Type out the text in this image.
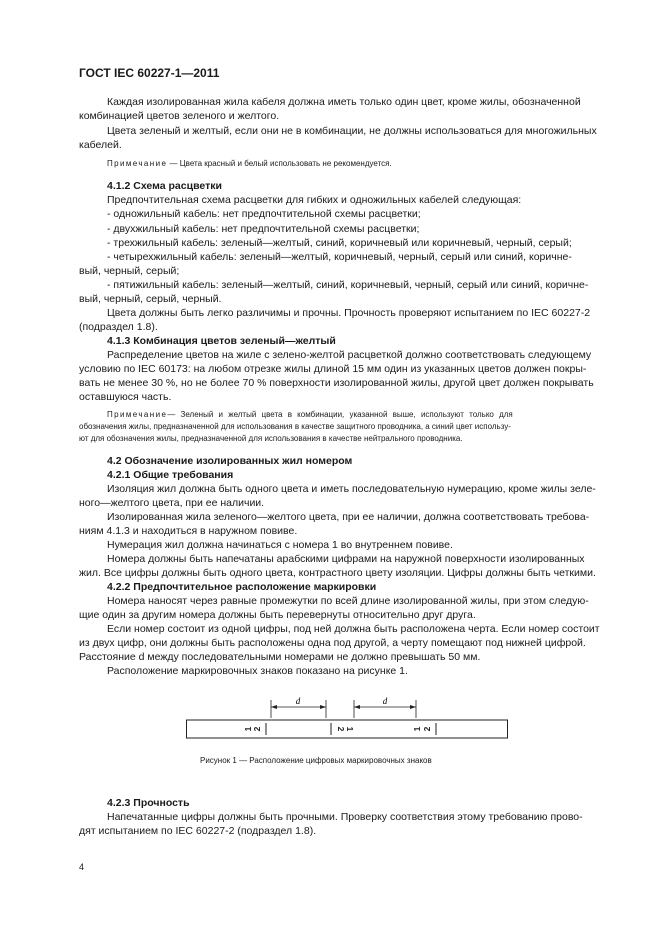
ГОСТ IEC 60227-1—2011
Каждая изолированная жила кабеля должна иметь только один цвет, кроме жилы, обозначенной
комбинацией цветов зеленого и желтого.
Цвета зеленый и желтый, если они не в комбинации, не должны использоваться для многожильных
кабелей.
Примечание — Цвета красный и белый использовать не рекомендуется.
4.1.2 Схема расцветки
Предпочтительная схема расцветки для гибких и одножильных кабелей следующая:
- одножильный кабель: нет предпочтительной схемы расцветки;
- двухжильный кабель: нет предпочтительной схемы расцветки;
- трехжильный кабель: зеленый—желтый, синий, коричневый или коричневый, черный, серый;
- четырехжильный кабель: зеленый—желтый, коричневый, черный, серый или синий, коричне-
вый, черный, серый;
- пятижильный кабель: зеленый—желтый, синий, коричневый, черный, серый или синий, коричне-
вый, черный, серый, черный.
Цвета должны быть легко различимы и прочны. Прочность проверяют испытанием по IEC 60227-2
(подраздел 1.8).
4.1.3 Комбинация цветов зеленый—желтый
Распределение цветов на жиле с зелено-желтой расцветкой должно соответствовать следующему
условию по IEC 60173: на любом отрезке жилы длиной 15 мм один из указанных цветов должен покры-
вать не менее 30 %, но не более 70 % поверхности изолированной жилы, другой цвет должен покрывать
оставшуюся часть.
Примечание— Зеленый и желтый цвета в комбинации, указанной выше, используют только для
обозначения жилы, предназначенной для использования в качестве защитного проводника, а синий цвет использу-
ют для обозначения жилы, предназначенной для использования в качестве нейтрального проводника.
4.2 Обозначение изолированных жил номером
4.2.1 Общие требования
Изоляция жил должна быть одного цвета и иметь последовательную нумерацию, кроме жилы зеле-
ного—желтого цвета, при ее наличии.
Изолированная жила зеленого—желтого цвета, при ее наличии, должна соответствовать требова-
ниям 4.1.3 и находиться в наружном повиве.
Нумерация жил должна начинаться с номера 1 во внутреннем повиве.
Номера должны быть напечатаны арабскими цифрами на наружной поверхности изолированных
жил. Все цифры должны быть одного цвета, контрастного цвету изоляции. Цифры должны быть четкими.
4.2.2 Предпочтительное расположение маркировки
Номера наносят через равные промежутки по всей длине изолированной жилы, при этом следую-
щие один за другим номера должны быть перевернуты относительно друг друга.
Если номер состоит из одной цифры, под ней должна быть расположена черта. Если номер состоит
из двух цифр, они должны быть расположены одна под другой, а черту помещают под нижней цифрой.
Расстояние d между последовательными номерами не должно превышать 50 мм.
Расположение маркировочных знаков показано на рисунке 1.
d	d
1 2	2 1	1 2
Рисунок 1 — Расположение цифровых маркировочных знаков
4.2.3 Прочность
Напечатанные цифры должны быть прочными. Проверку соответствия этому требованию прово-
дят испытанием по IEC 60227-2 (подраздел 1.8).
4
